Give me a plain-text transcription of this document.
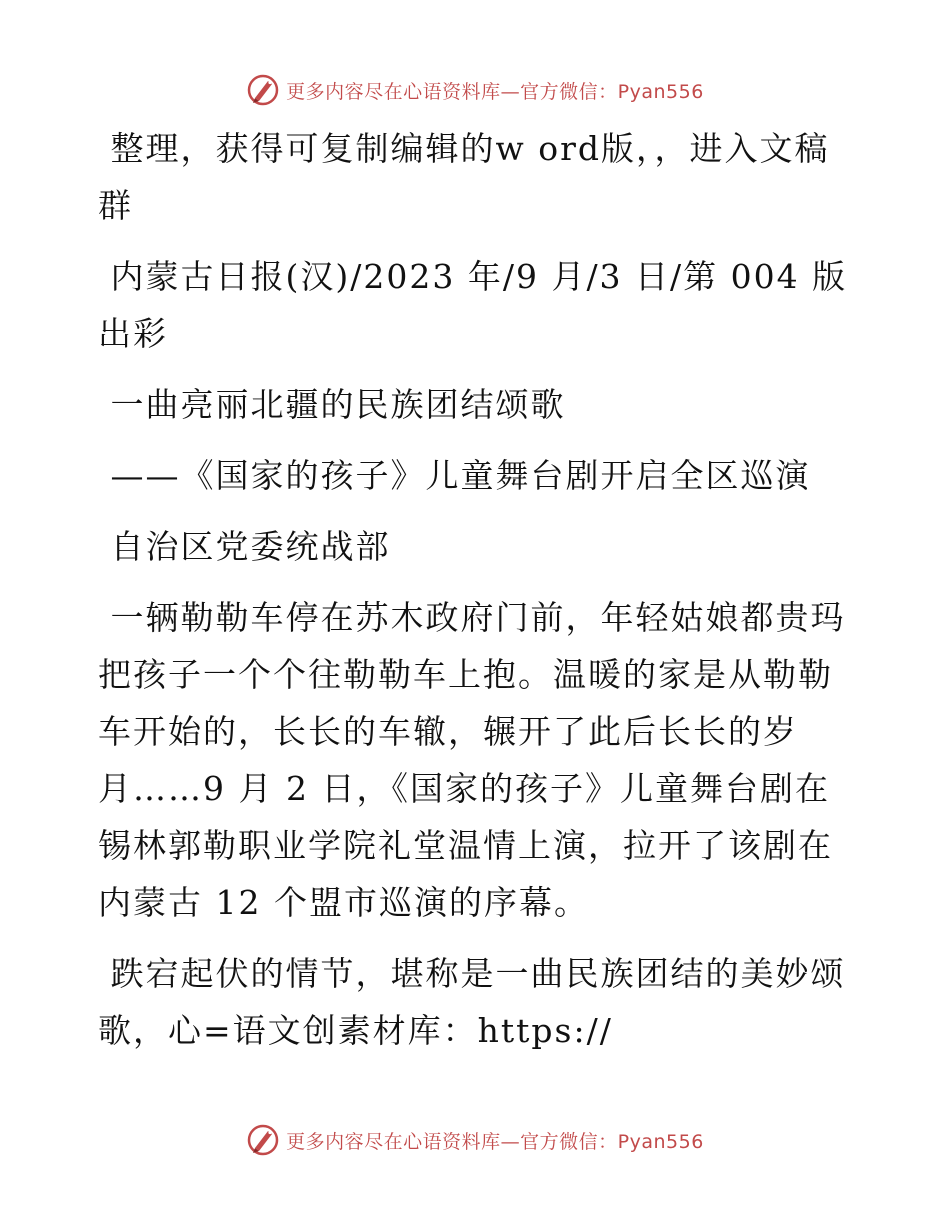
更多内容尽在心语资料库—官方微信：Pyan556

整理，获得可复制编辑的w ord版，，进入文稿群

内蒙古日报(汉)/2023 年/9 月/3 日/第 004 版出彩

一曲亮丽北疆的民族团结颂歌

——《国家的孩子》儿童舞台剧开启全区巡演

自治区党委统战部

一辆勒勒车停在苏木政府门前，年轻姑娘都贵玛把孩子一个个往勒勒车上抱。温暖的家是从勒勒车开始的，长长的车辙，辗开了此后长长的岁月……9 月 2 日，《国家的孩子》儿童舞台剧在锡林郭勒职业学院礼堂温情上演，拉开了该剧在内蒙古 12 个盟市巡演的序幕。

跌宕起伏的情节，堪称是一曲民族团结的美妙颂歌，心=语文创素材库：https://

更多内容尽在心语资料库—官方微信：Pyan556
